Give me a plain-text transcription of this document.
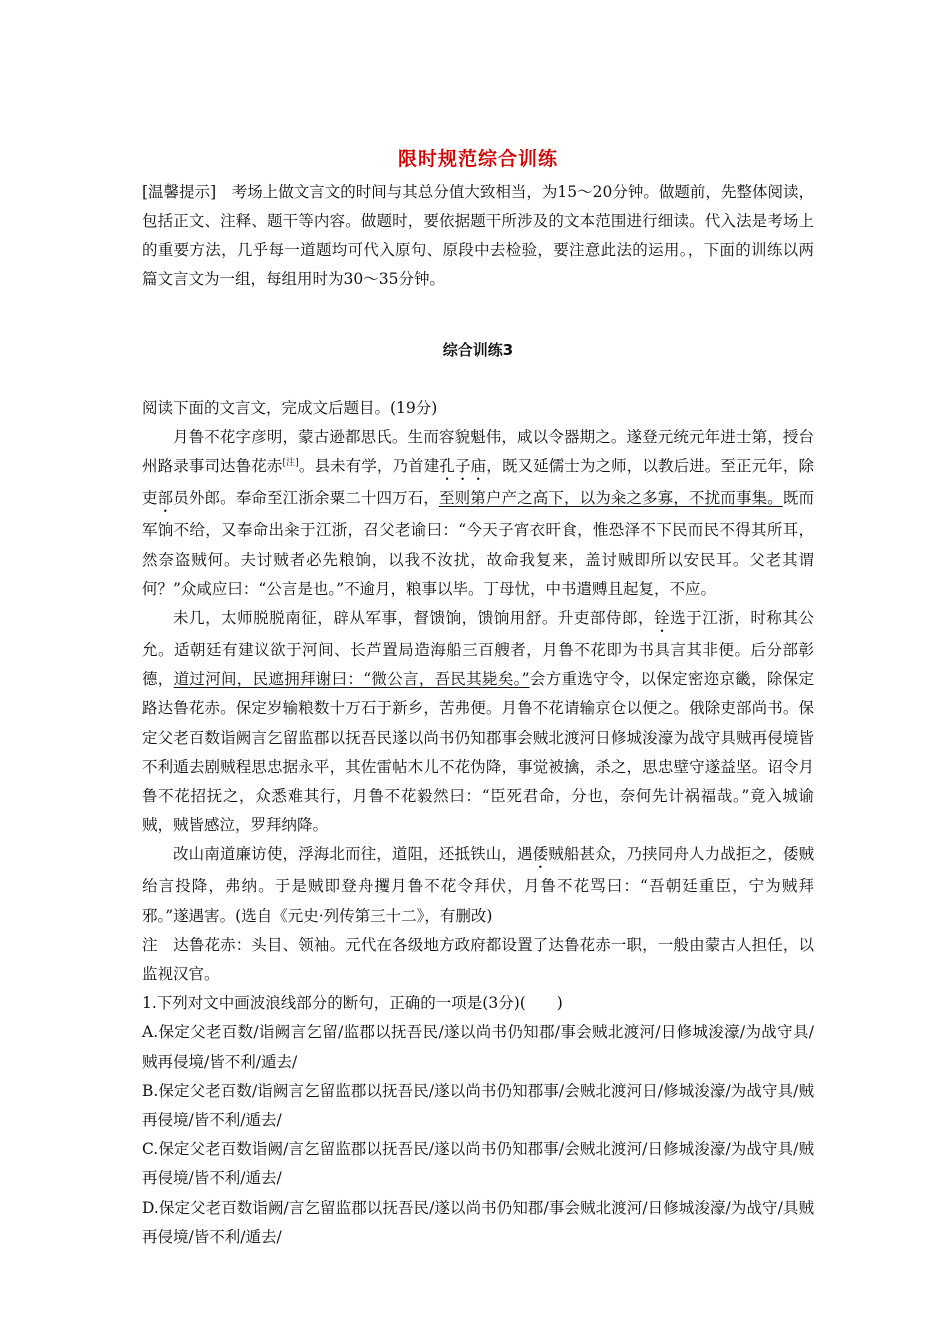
限时规范综合训练
[温馨提示]　 考场上做文言文的时间与其总分值大致相当，为15～20分钟。做题前，先整体阅读，包括正文、注释、题干等内容。做题时，要依据题干所涉及的文本范围进行细读。代入法是考场上的重要方法，几乎每一道题均可代入原句、原段中去检验，要注意此法的运用。，下面的训练以两篇文言文为一组，每组用时为30～35分钟。
综合训练3

阅读下面的文言文，完成文后题目。(19分)

月鲁不花字彦明，蒙古逊都思氏。生而容貌魁伟，咸以令器期之。遂登元统元年进士第，授台州路录事司达鲁花赤[注]。县未有学，乃首建孔子庙，既又延儒士为之师，以教后进。至正元年，除吏部员外郎。奉命至江浙余粟二十四万石，至则第户产之高下，以为籴之多寡，不扰而事集。既而军饷不给，又奉命出籴于江浙，召父老谕曰：“今天子宵衣旰食，惟恐泽不下民而民不得其所耳，然奈盗贼何。夫讨贼者必先粮饷，以我不汝扰，故命我复来，盖讨贼即所以安民耳。父老其谓何？”众咸应曰：“公言是也。”不逾月，粮事以毕。丁母忧，中书遣赙且起复，不应。

未几，太师脱脱南征，辟从军事，督馈饷，馈饷用舒。升吏部侍郎，铨选于江浙，时称其公允。适朝廷有建议欲于河间、长芦置局造海船三百艘者，月鲁不花即为书具言其非便。后分部彰德，道过河间，民遮拥拜谢曰：“微公言，吾民其毙矣。”会方重选守令，以保定密迩京畿，除保定路达鲁花赤。保定岁输粮数十万石于新乡，苦弗便。月鲁不花请输京仓以便之。俄除吏部尚书。保定父老百数诣阙言乞留监郡以抚吾民遂以尚书仍知郡事会贼北渡河日修城浚濠为战守具贼再侵境皆不利遁去剧贼程思忠据永平，其佐雷帖木儿不花伪降，事觉被擒，杀之，思忠壁守遂益坚。诏令月鲁不花招抚之，众悉难其行，月鲁不花毅然曰：“臣死君命，分也，奈何先计祸福哉。”竟入城谕贼，贼皆感泣，罗拜纳降。

改山南道廉访使，浮海北而往，道阻，还抵铁山，遇倭贼船甚众，乃挟同舟人力战拒之，倭贼绐言投降，弗纳。于是贼即登舟攫月鲁不花令拜伏，月鲁不花骂曰：“吾朝廷重臣，宁为贼拜邪。”遂遇害。(选自《元史·列传第三十二》，有删改)

注　达鲁花赤：头目、领袖。元代在各级地方政府都设置了达鲁花赤一职，一般由蒙古人担任，以监视汉官。

1.下列对文中画波浪线部分的断句，正确的一项是(3分)(　　)

A.保定父老百数/诣阙言乞留/监郡以抚吾民/遂以尚书仍知郡/事会贼北渡河/日修城浚濠/为战守具/贼再侵境/皆不利/遁去/

B.保定父老百数/诣阙言乞留监郡以抚吾民/遂以尚书仍知郡事/会贼北渡河日/修城浚濠/为战守具/贼再侵境/皆不利/遁去/

C.保定父老百数诣阙/言乞留监郡以抚吾民/遂以尚书仍知郡事/会贼北渡河/日修城浚濠/为战守具/贼再侵境/皆不利/遁去/

D.保定父老百数诣阙/言乞留监郡以抚吾民/遂以尚书仍知郡/事会贼北渡河/日修城浚濠/为战守/具贼再侵境/皆不利/遁去/
